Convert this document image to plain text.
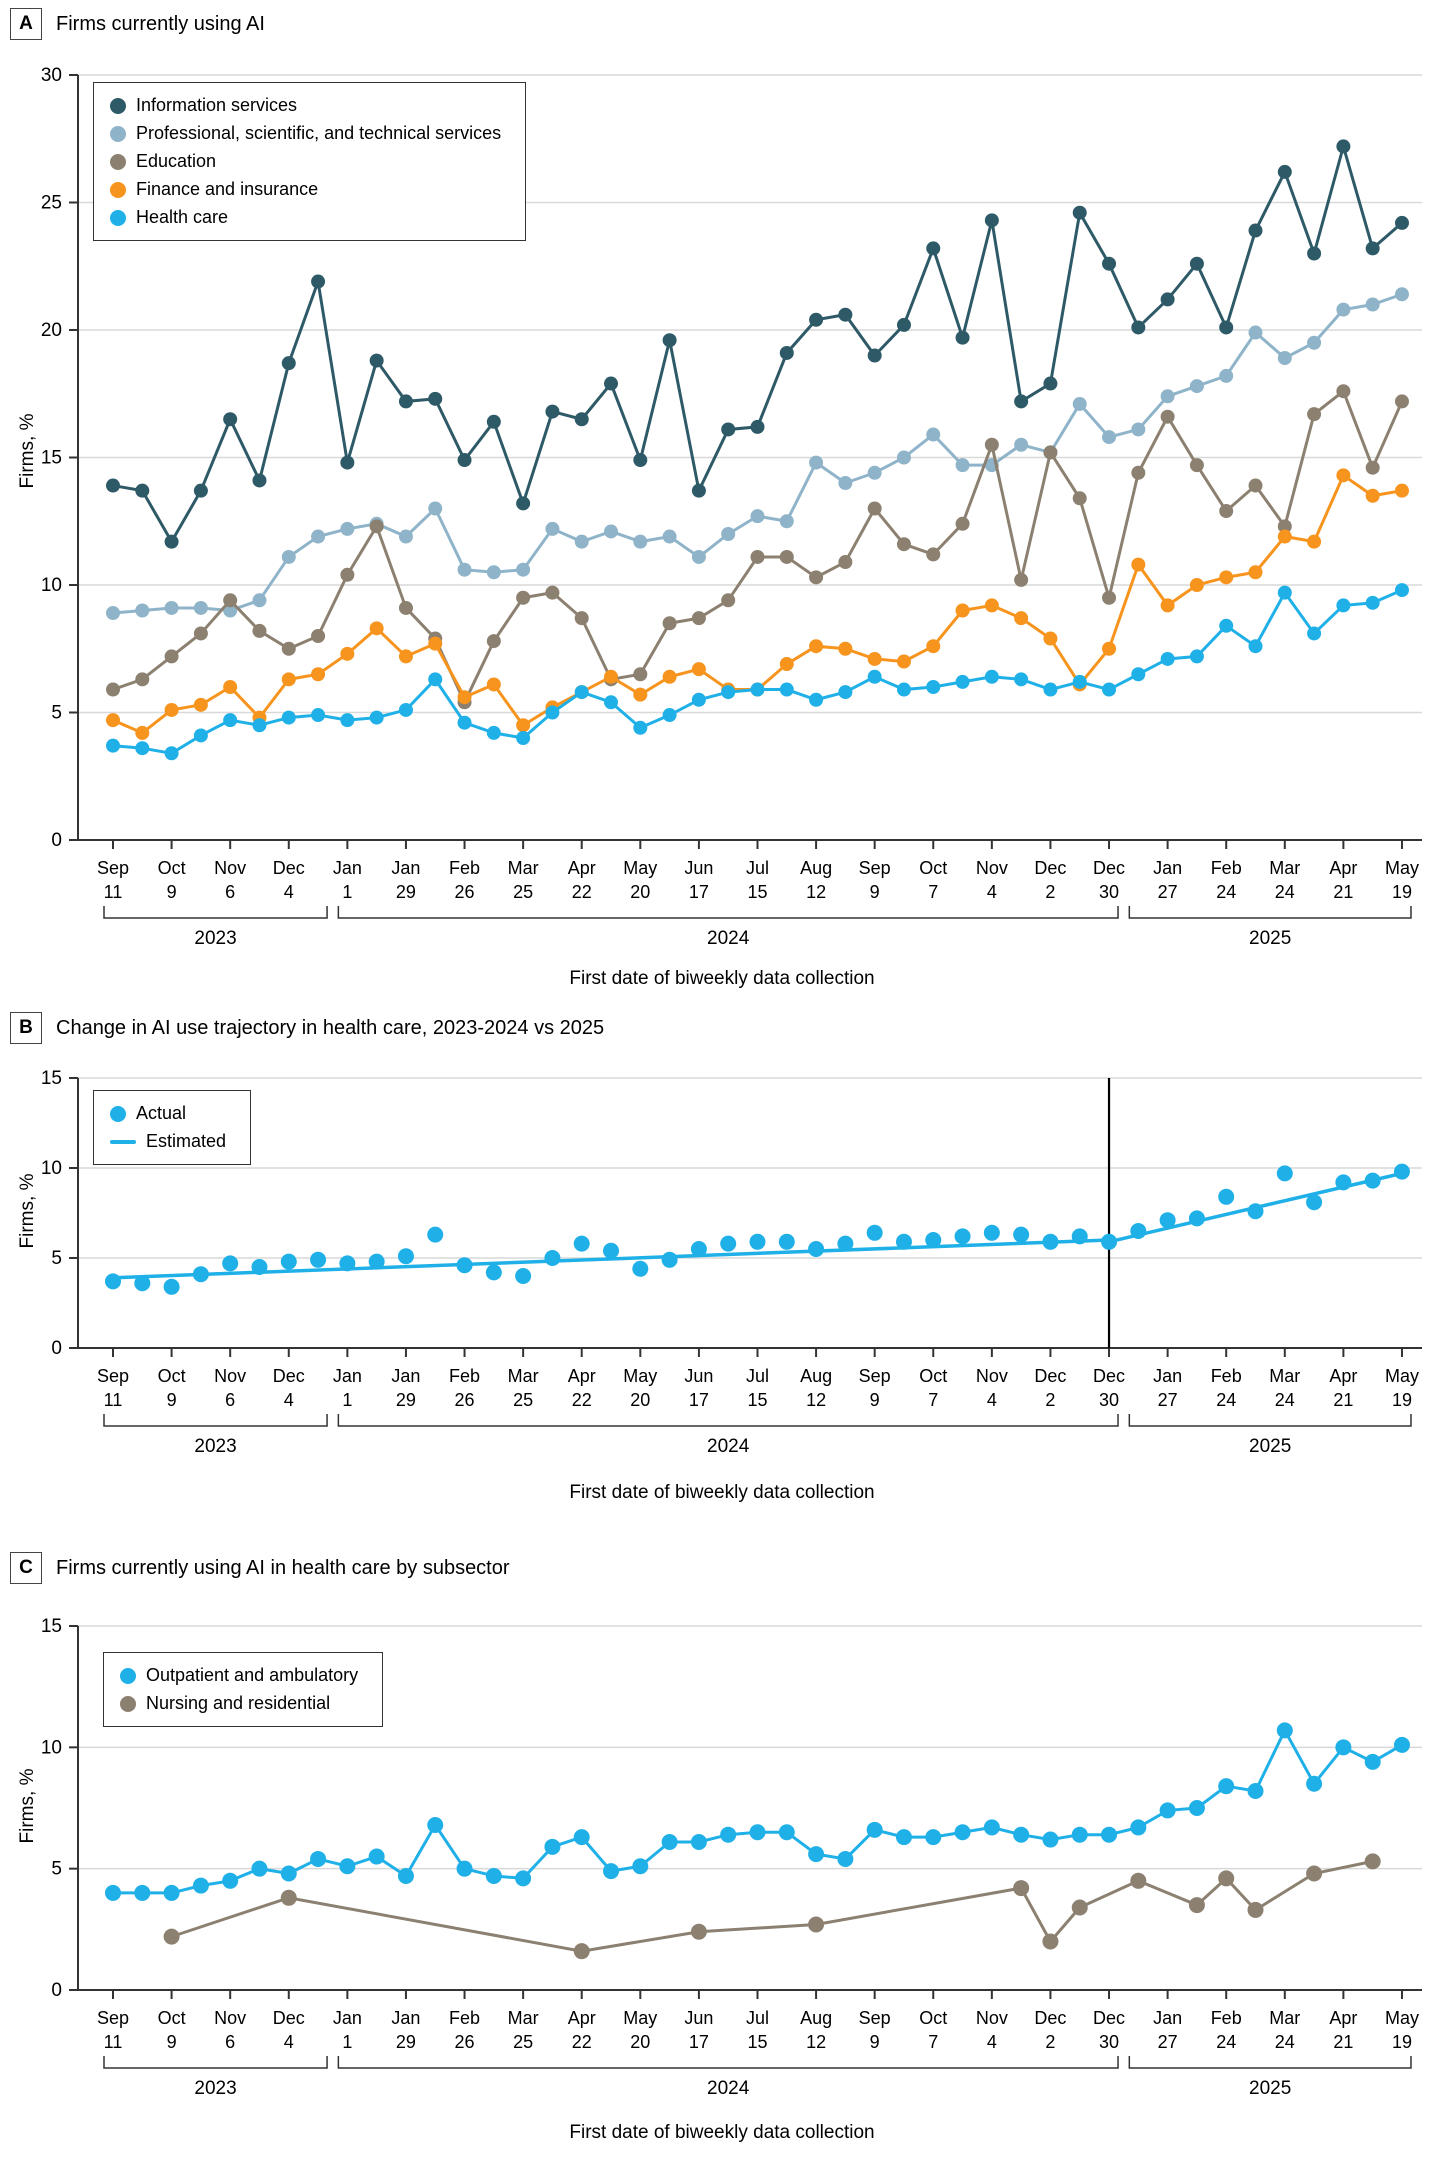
0
5
10
15
20
25
30
Sep
11
Oct
9
Nov
6
Dec
4
Jan
1
Jan
29
Feb
26
Mar
25
Apr
22
May
20
Jun
17
Jul
15
Aug
12
Sep
9
Oct
7
Nov
4
Dec
2
Dec
30
Jan
27
Feb
24
Mar
24
Apr
21
May
19
2023	2024	2025
0
5
10
15
Sep
11
Oct
9
Nov
6
Dec
4
Jan
1
Jan
29
Feb
26
Mar
25
Apr
22
May
20
Jun
17
Jul
15
Aug
12
Sep
9
Oct
7
Nov
4
Dec
2
Dec
30
Jan
27
Feb
24
Mar
24
Apr
21
May
19
2023	2024	2025
0
5
10
15
Sep
11
Oct
9
Nov
6
Dec
4
Jan
1
Jan
29
Feb
26
Mar
25
Apr
22
May
20
Jun
17
Jul
15
Aug
12
Sep
9
Oct
7
Nov
4
Dec
2
Dec
30
Jan
27
Feb
24
Mar
24
Apr
21
May
19
2023	2024	2025
A	Firms currently using AI
B	Change in AI use trajectory in health care, 2023-2024 vs 2025
C	Firms currently using AI in health care by subsector
Information services
Professional, scientific, and technical services
Education
Finance and insurance
Health care
Actual
Estimated
Outpatient and ambulatory
Nursing and residential
Firms, %
Firms, %
Firms, %
First date of biweekly data collection
First date of biweekly data collection
First date of biweekly data collection
